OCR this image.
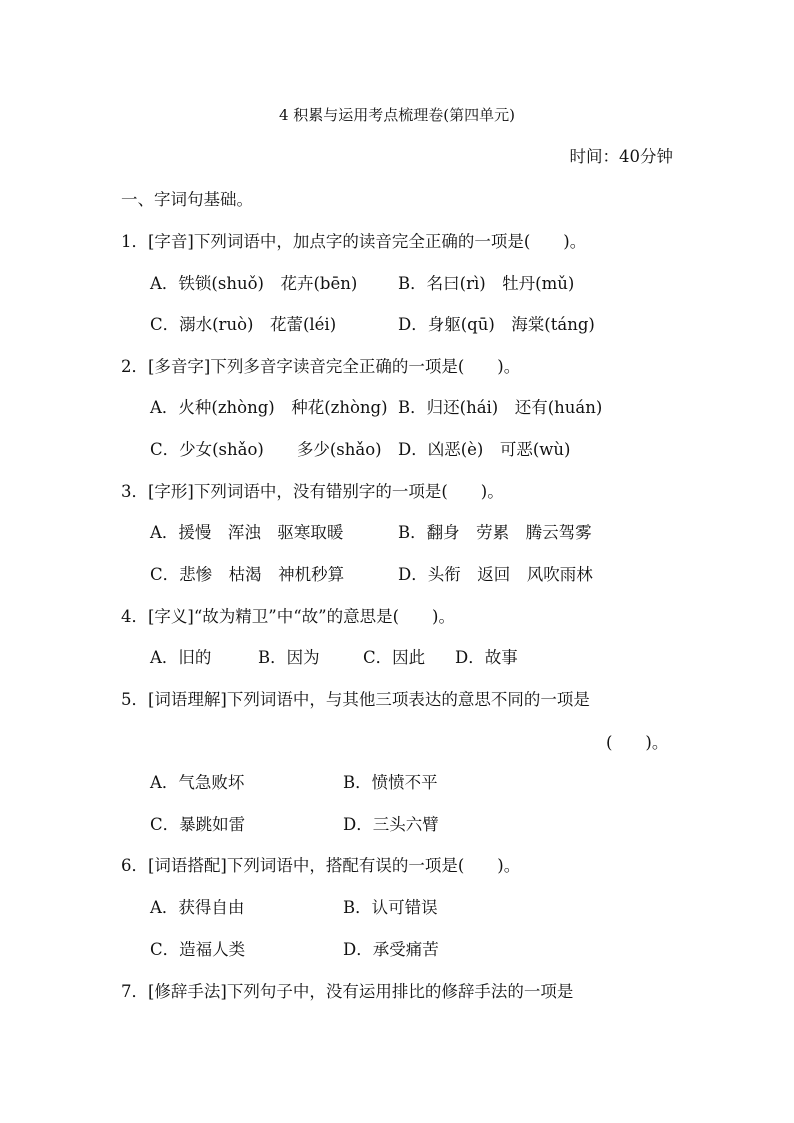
4 积累与运用考点梳理卷(第四单元)
时间：40分钟
一、字词句基础。
1．[字音]下列词语中，加点字的读音完全正确的一项是(　　)。
A．铁锁(shuǒ)　花卉(bēn) B．名曰(rì)　牡丹(mǔ)
C．溺水(ruò)　花蕾(léi)	D．身躯(qū)　海棠(táng)
2．[多音字]下列多音字读音完全正确的一项是(　　)。
A．火种(zhòng)　种花(zhòng) B．归还(hái)　还有(huán)
C．少女(shǎo)　　多少(shǎo) D．凶恶(è)　可恶(wù)
3．[字形]下列词语中，没有错别字的一项是(　　)。
A．援慢　浑浊　驱寒取暖	B．翻身　劳累　腾云驾雾
C．悲惨　枯渴　神机秒算	D．头衔　返回　风吹雨林
4．[字义]“故为精卫”中“故”的意思是(　　)。
A．旧的	B．因为	C．因此 D．故事
5．[词语理解]下列词语中，与其他三项表达的意思不同的一项是
(　　)。
A．气急败坏	B．愤愤不平
C．暴跳如雷	D．三头六臂
6．[词语搭配]下列词语中，搭配有误的一项是(　　)。
A．获得自由	B．认可错误
C．造福人类	D．承受痛苦
7．[修辞手法]下列句子中，没有运用排比的修辞手法的一项是
